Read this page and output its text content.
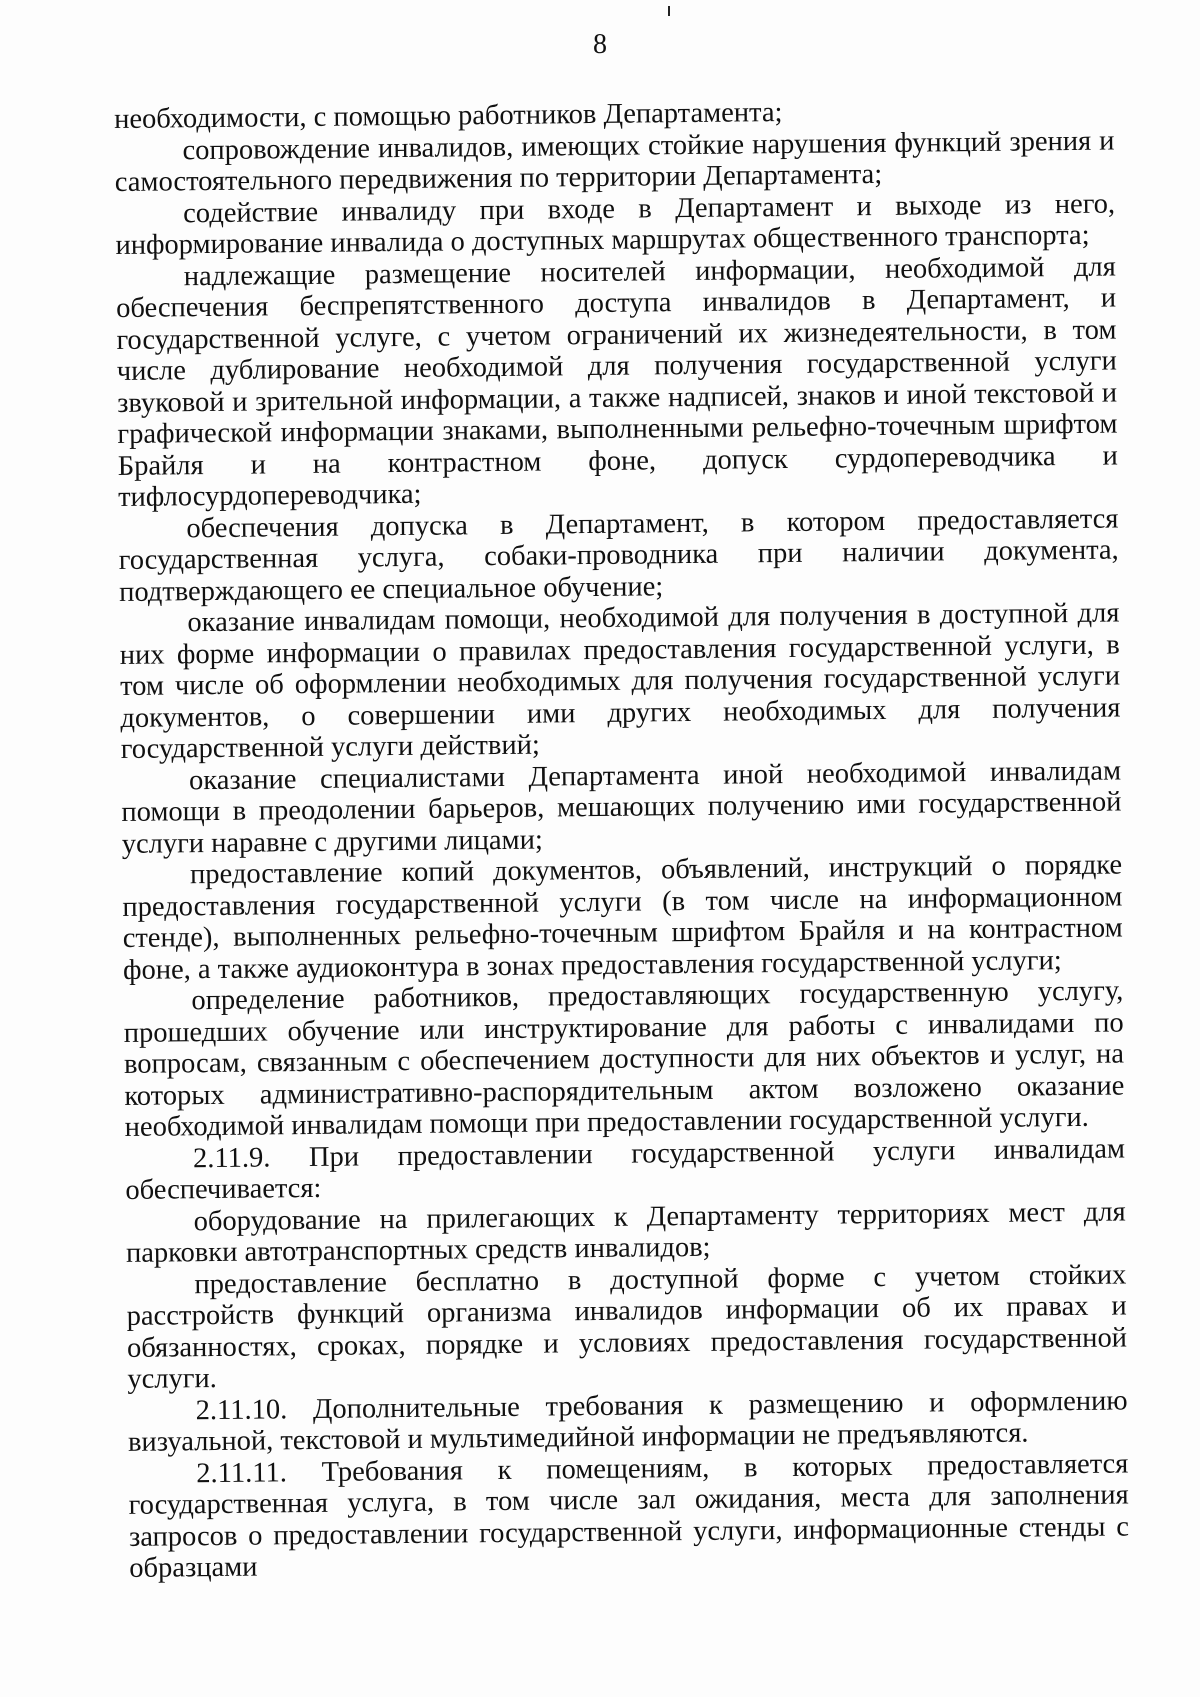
8

необходимости, с помощью работников Департамента;

сопровождение инвалидов, имеющих стойкие нарушения функций зрения и самостоятельного передвижения по территории Департамента;

содействие инвалиду при входе в Департамент и выходе из него, информирование инвалида о доступных маршрутах общественного транспорта;

надлежащие размещение носителей информации, необходимой для обеспечения беспрепятственного доступа инвалидов в Департамент, и государственной услуге, с учетом ограничений их жизнедеятельности, в том числе дублирование необходимой для получения государственной услуги звуковой и зрительной информации, а также надписей, знаков и иной текстовой и графической информации знаками, выполненными рельефно-точечным шрифтом Брайля и на контрастном фоне, допуск сурдопереводчика и тифлосурдопереводчика;

обеспечения допуска в Департамент, в котором предоставляется государственная услуга, собаки-проводника при наличии документа, подтверждающего ее специальное обучение;

оказание инвалидам помощи, необходимой для получения в доступной для них форме информации о правилах предоставления государственной услуги, в том числе об оформлении необходимых для получения государственной услуги документов, о совершении ими других необходимых для получения государственной услуги действий;

оказание специалистами Департамента иной необходимой инвалидам помощи в преодолении барьеров, мешающих получению ими государственной услуги наравне с другими лицами;

предоставление копий документов, объявлений, инструкций о порядке предоставления государственной услуги (в том числе на информационном стенде), выполненных рельефно-точечным шрифтом Брайля и на контрастном фоне, а также аудиоконтура в зонах предоставления государственной услуги;

определение работников, предоставляющих государственную услугу, прошедших обучение или инструктирование для работы с инвалидами по вопросам, связанным с обеспечением доступности для них объектов и услуг, на которых административно-распорядительным актом возложено оказание необходимой инвалидам помощи при предоставлении государственной услуги.

2.11.9. При предоставлении государственной услуги инвалидам обеспечивается:

оборудование на прилегающих к Департаменту территориях мест для парковки автотранспортных средств инвалидов;

предоставление бесплатно в доступной форме с учетом стойких расстройств функций организма инвалидов информации об их правах и обязанностях, сроках, порядке и условиях предоставления государственной услуги.

2.11.10. Дополнительные требования к размещению и оформлению визуальной, текстовой и мультимедийной информации не предъявляются.

2.11.11. Требования к помещениям, в которых предоставляется государственная услуга, в том числе зал ожидания, места для заполнения запросов о предоставлении государственной услуги, информационные стенды с образцами
